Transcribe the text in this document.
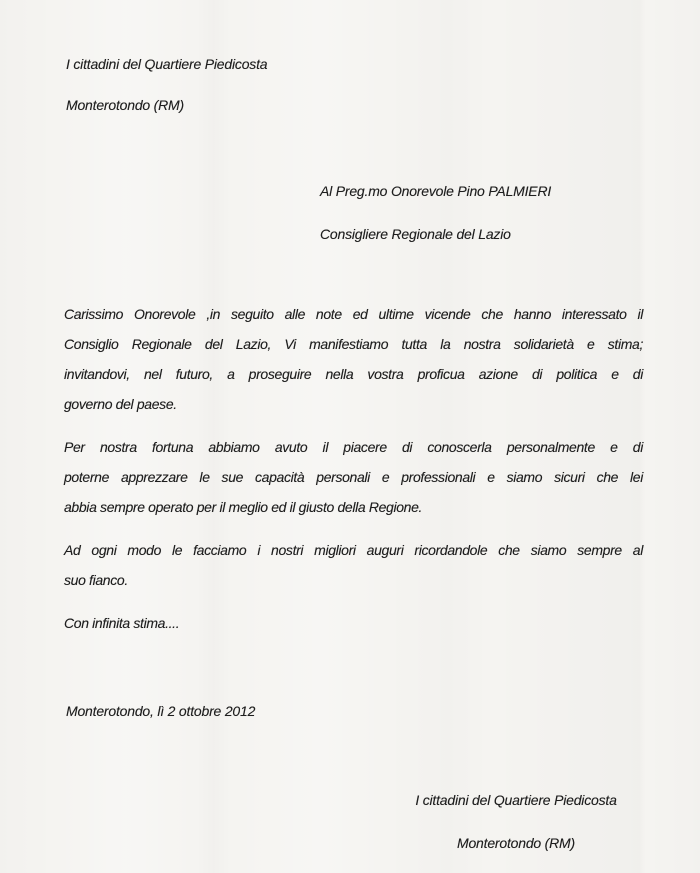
I cittadini del Quartiere Piedicosta
Monterotondo (RM)
Al Preg.mo Onorevole Pino PALMIERI
Consigliere Regionale del Lazio
Carissimo Onorevole ,in seguito alle note ed ultime vicende che hanno interessato il
Consiglio Regionale del Lazio, Vi manifestiamo tutta la nostra solidarietà e stima;
invitandovi, nel futuro, a proseguire nella vostra proficua azione di politica e di
governo del paese.
Per nostra fortuna abbiamo avuto il piacere di conoscerla personalmente e di
poterne apprezzare le sue capacità personali e professionali e siamo sicuri che lei
abbia sempre operato per il meglio ed il giusto della Regione.
Ad ogni modo le facciamo i nostri migliori auguri ricordandole che siamo sempre al
suo fianco.
Con infinita stima....
Monterotondo, lì 2 ottobre 2012
I cittadini del Quartiere Piedicosta
Monterotondo (RM)
